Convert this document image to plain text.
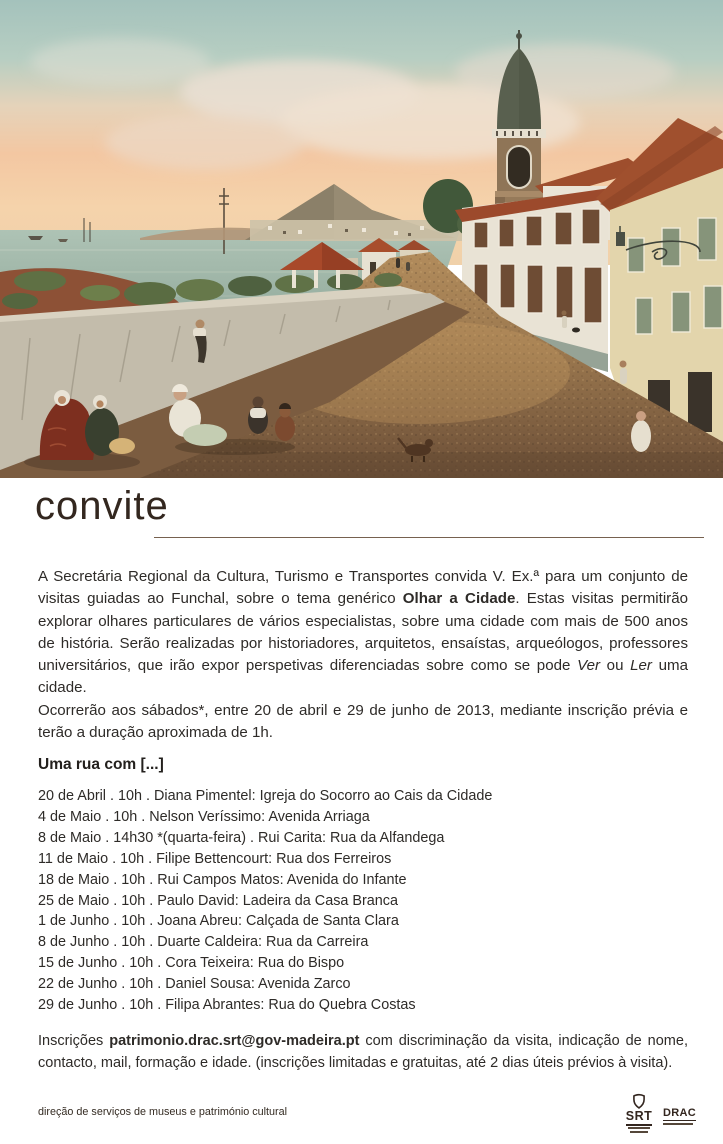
convite

A Secretária Regional da Cultura, Turismo e Transportes convida V. Ex.ª para um conjunto de visitas guiadas ao Funchal, sobre o tema genérico Olhar a Cidade. Estas visitas permitirão explorar olhares particulares de vários especialistas, sobre uma cidade com mais de 500 anos de história. Serão realizadas por historiadores, arquitetos, ensaístas, arqueólogos, professores universitários, que irão expor perspetivas diferenciadas sobre como se pode Ver ou Ler uma cidade.

Ocorrerão aos sábados*, entre 20 de abril e 29 de junho de 2013, mediante inscrição prévia e terão a duração aproximada de 1h.

Uma rua com [...]
20 de Abril . 10h . Diana Pimentel: Igreja do Socorro ao Cais da Cidade
4 de Maio . 10h . Nelson Veríssimo: Avenida Arriaga
8 de Maio . 14h30 *(quarta-feira) . Rui Carita: Rua da Alfandega
11 de Maio . 10h . Filipe Bettencourt: Rua dos Ferreiros
18 de Maio . 10h . Rui Campos Matos: Avenida do Infante
25 de Maio . 10h . Paulo David: Ladeira da Casa Branca
1 de Junho . 10h . Joana Abreu: Calçada de Santa Clara
8 de Junho . 10h . Duarte Caldeira: Rua da Carreira
15 de Junho . 10h . Cora Teixeira: Rua do Bispo
22 de Junho . 10h . Daniel Sousa: Avenida Zarco
29 de Junho . 10h . Filipa Abrantes: Rua do Quebra Costas

Inscrições patrimonio.drac.srt@gov-madeira.pt com discriminação da visita, indicação de nome, contacto, mail, formação e idade. (inscrições limitadas e gratuitas, até 2 dias úteis prévios à visita).

direção de serviços de museus e património cultural	SRT DRAC
